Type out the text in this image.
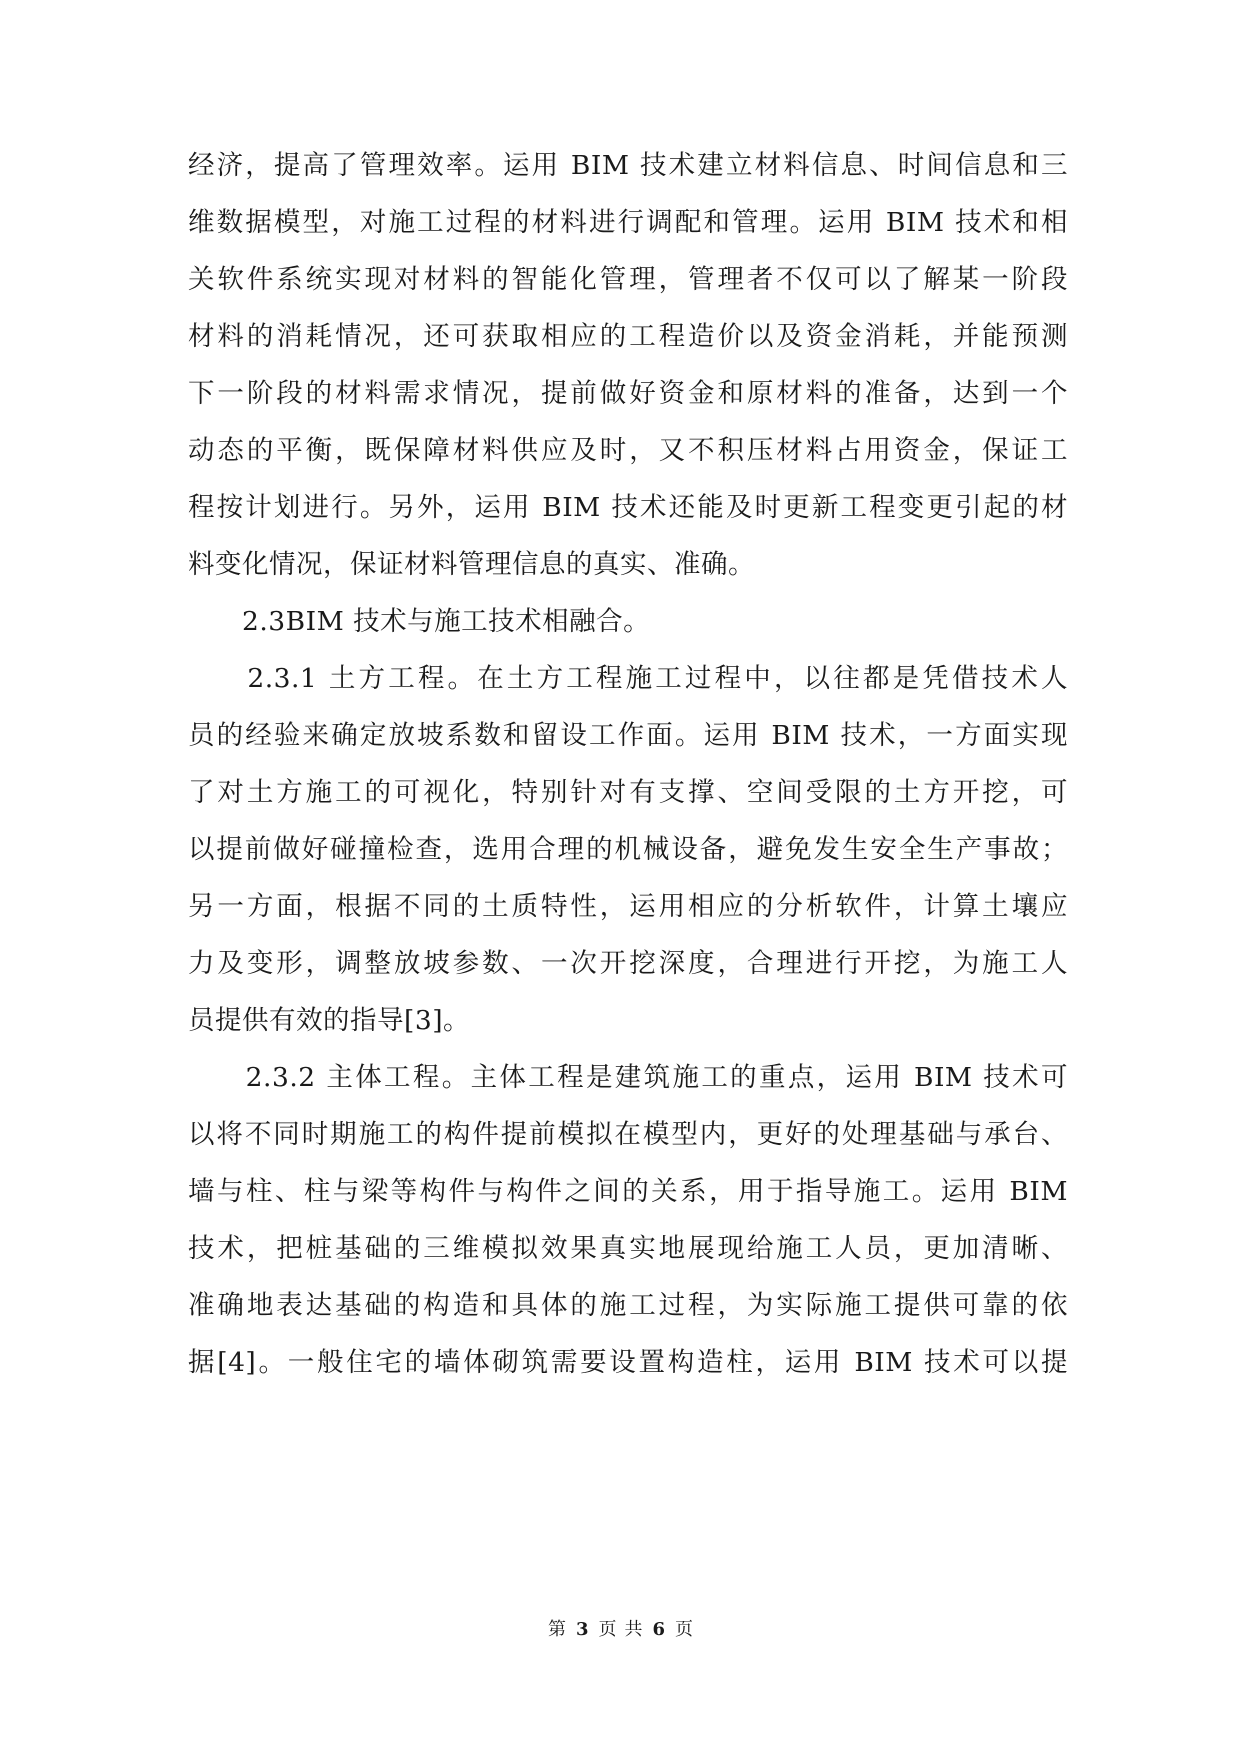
经济，提高了管理效率。运用 BIM 技术建立材料信息、时间信息和三
维数据模型，对施工过程的材料进行调配和管理。运用 BIM 技术和相
关软件系统实现对材料的智能化管理，管理者不仅可以了解某一阶段
材料的消耗情况，还可获取相应的工程造价以及资金消耗，并能预测
下一阶段的材料需求情况，提前做好资金和原材料的准备，达到一个
动态的平衡，既保障材料供应及时，又不积压材料占用资金，保证工
程按计划进行。另外，运用 BIM 技术还能及时更新工程变更引起的材
料变化情况，保证材料管理信息的真实、准确。
　　2.3BIM 技术与施工技术相融合。
　　2.3.1 土方工程。在土方工程施工过程中，以往都是凭借技术人
员的经验来确定放坡系数和留设工作面。运用 BIM 技术，一方面实现
了对土方施工的可视化，特别针对有支撑、空间受限的土方开挖，可
以提前做好碰撞检查，选用合理的机械设备，避免发生安全生产事故；
另一方面，根据不同的土质特性，运用相应的分析软件，计算土壤应
力及变形，调整放坡参数、一次开挖深度，合理进行开挖，为施工人
员提供有效的指导[3]。
　　2.3.2 主体工程。主体工程是建筑施工的重点，运用 BIM 技术可
以将不同时期施工的构件提前模拟在模型内，更好的处理基础与承台、
墙与柱、柱与梁等构件与构件之间的关系，用于指导施工。运用 BIM
技术，把桩基础的三维模拟效果真实地展现给施工人员，更加清晰、
准确地表达基础的构造和具体的施工过程，为实际施工提供可靠的依
据[4]。一般住宅的墙体砌筑需要设置构造柱，运用 BIM 技术可以提
第 3 页 共 6 页
